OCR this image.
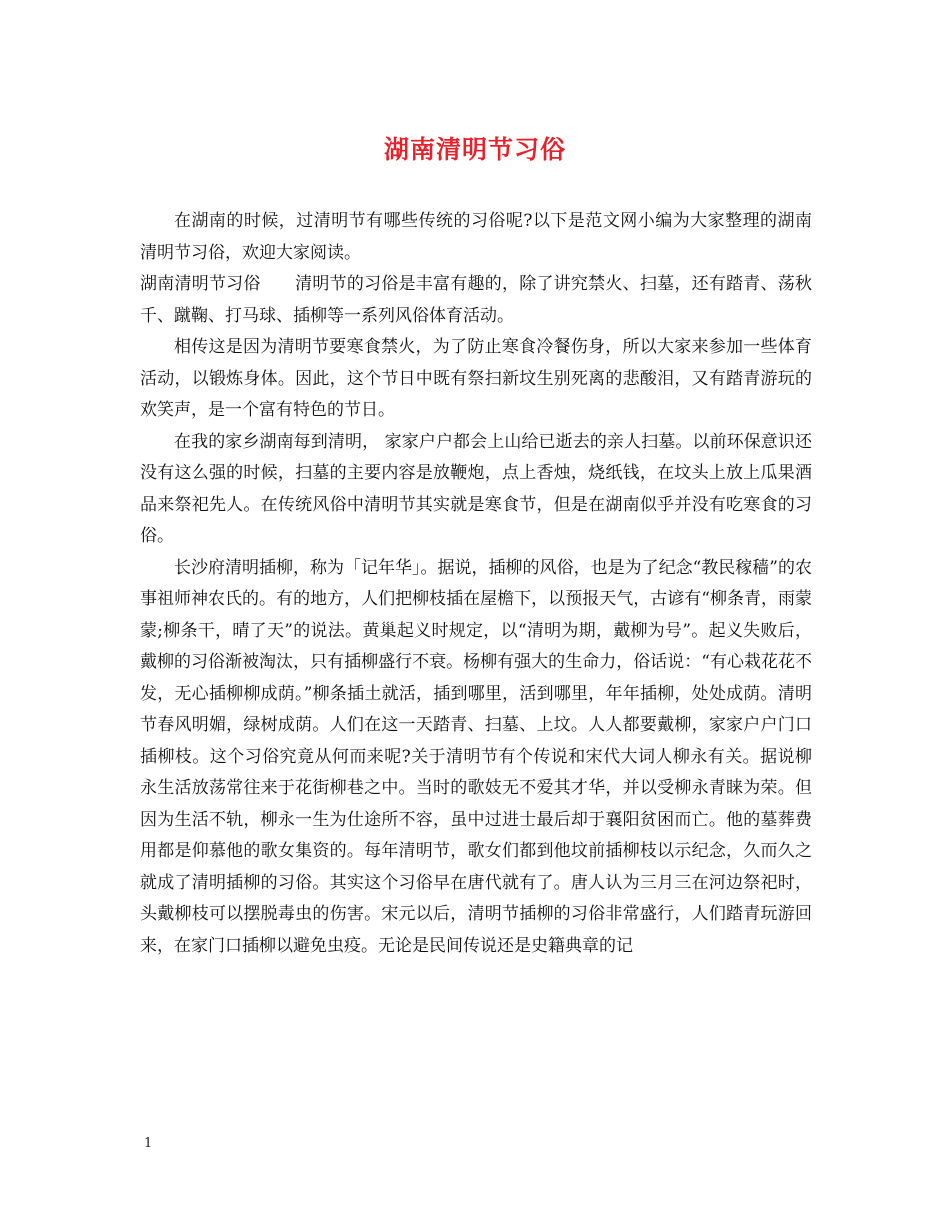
湖南清明节习俗

在湖南的时候，过清明节有哪些传统的习俗呢?以下是范文网小编为大家整理的湖南清明节习俗，欢迎大家阅读。

湖南清明节习俗　　清明节的习俗是丰富有趣的，除了讲究禁火、扫墓，还有踏青、荡秋千、蹴鞠、打马球、插柳等一系列风俗体育活动。

相传这是因为清明节要寒食禁火，为了防止寒食冷餐伤身，所以大家来参加一些体育活动，以锻炼身体。因此，这个节日中既有祭扫新坟生别死离的悲酸泪，又有踏青游玩的欢笑声，是一个富有特色的节日。

在我的家乡湖南每到清明， 家家户户都会上山给已逝去的亲人扫墓。以前环保意识还没有这么强的时候，扫墓的主要内容是放鞭炮，点上香烛，烧纸钱，在坟头上放上瓜果酒品来祭祀先人。在传统风俗中清明节其实就是寒食节，但是在湖南似乎并没有吃寒食的习俗。

长沙府清明插柳，称为「记年华」。据说，插柳的风俗，也是为了纪念“教民稼穑”的农事祖师神农氏的。有的地方，人们把柳枝插在屋檐下，以预报天气，古谚有“柳条青，雨蒙蒙;柳条干，晴了天”的说法。黄巢起义时规定，以“清明为期，戴柳为号”。起义失败后，戴柳的习俗渐被淘汰，只有插柳盛行不衰。杨柳有强大的生命力，俗话说：“有心栽花花不发，无心插柳柳成荫。”柳条插土就活，插到哪里，活到哪里，年年插柳，处处成荫。清明节春风明媚，绿树成荫。人们在这一天踏青、扫墓、上坟。人人都要戴柳，家家户户门口插柳枝。这个习俗究竟从何而来呢?关于清明节有个传说和宋代大词人柳永有关。据说柳永生活放荡常往来于花街柳巷之中。当时的歌妓无不爱其才华，并以受柳永青睐为荣。但因为生活不轨，柳永一生为仕途所不容，虽中过进士最后却于襄阳贫困而亡。他的墓葬费用都是仰慕他的歌女集资的。每年清明节，歌女们都到他坟前插柳枝以示纪念，久而久之就成了清明插柳的习俗。其实这个习俗早在唐代就有了。唐人认为三月三在河边祭祀时，头戴柳枝可以摆脱毒虫的伤害。宋元以后，清明节插柳的习俗非常盛行，人们踏青玩游回来，在家门口插柳以避免虫疫。无论是民间传说还是史籍典章的记

1
